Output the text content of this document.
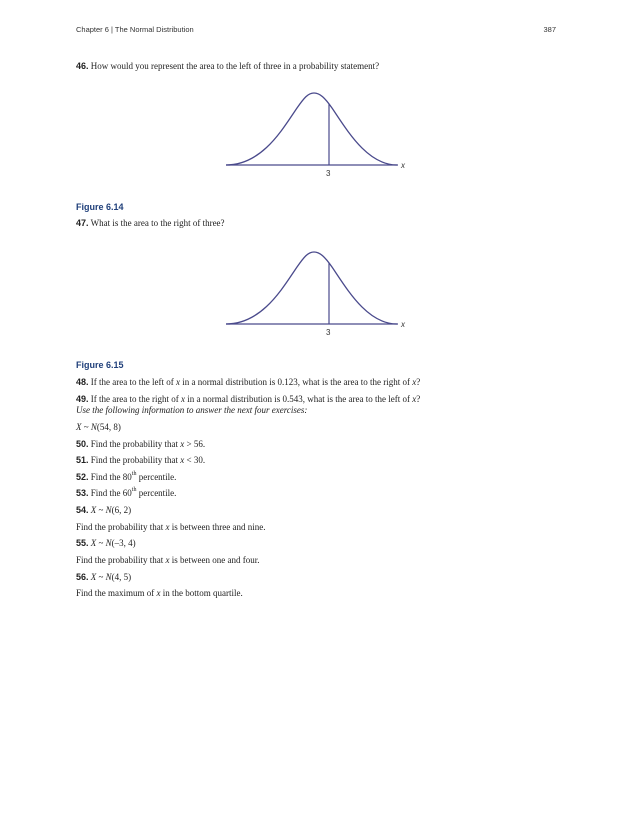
Chapter 6 | The Normal Distribution	387
46. How would you represent the area to the left of three in a probability statement?
3
x
Figure 6.14
47. What is the area to the right of three?
3
x
Figure 6.15
48. If the area to the left of x in a normal distribution is 0.123, what is the area to the right of x?
49. If the area to the right of x in a normal distribution is 0.543, what is the area to the left of x?
Use the following information to answer the next four exercises:
X ~ N(54, 8)
50. Find the probability that x > 56.
51. Find the probability that x < 30.
52. Find the 80th percentile.
53. Find the 60th percentile.
54. X ~ N(6, 2)
Find the probability that x is between three and nine.
55. X ~ N(–3, 4)
Find the probability that x is between one and four.
56. X ~ N(4, 5)
Find the maximum of x in the bottom quartile.
